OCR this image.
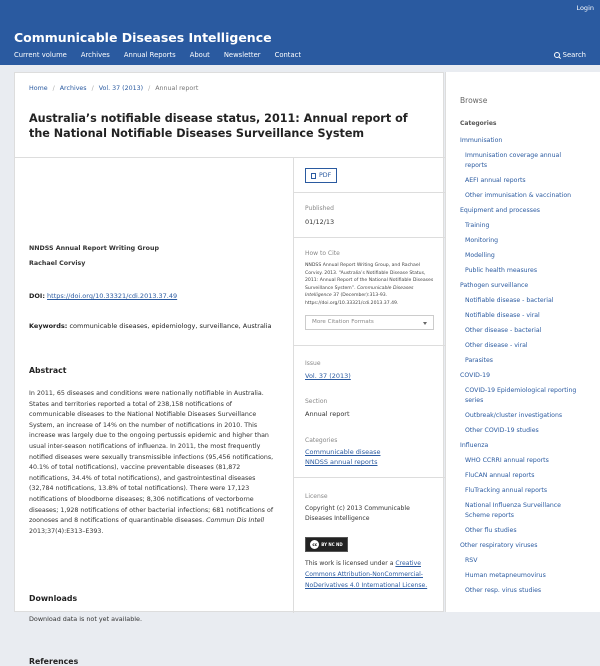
Login
Communicable Diseases Intelligence
Current volume Archives Annual Reports About Newsletter Contact	Search
Home / Archives / Vol. 37 (2013) / Annual report
Australia’s notifiable disease status, 2011: Annual report of the National Notifiable Diseases Surveillance System
NNDSS Annual Report Writing Group
Rachael Corvisy
DOI: https://doi.org/10.33321/cdi.2013.37.49
Keywords: communicable diseases, epidemiology, surveillance, Australia
Abstract
In 2011, 65 diseases and conditions were nationally notifiable in Australia. States and territories reported a total of 238,158 notifications of communicable diseases to the National Notifiable Diseases Surveillance System, an increase of 14% on the number of notifications in 2010. This increase was largely due to the ongoing pertussis epidemic and higher than usual inter-season notifications of influenza. In 2011, the most frequently notified diseases were sexually transmissible infections (95,456 notifications, 40.1% of total notifications), vaccine preventable diseases (81,872 notifications, 34.4% of total notifications), and gastrointestinal diseases (32,784 notifications, 13.8% of total notifications). There were 17,123 notifications of bloodborne diseases; 8,306 notifications of vectorborne diseases; 1,928 notifications of other bacterial infections; 681 notifications of zoonoses and 8 notifications of quarantinable diseases. Commun Dis Intell 2013;37(4):E313–E393.
Downloads
Download data is not yet available.
References
PDF
Published
01/12/13
How to Cite
NNDSS Annual Report Writing Group, and Rachael Corvisy. 2013. “Australia’s Notifiable Disease Status, 2011: Annual Report of the National Notifiable Diseases Surveillance System”. Communicable Diseases Intelligence 37 (December):313-93. https://doi.org/10.33321/cdi.2013.37.49.
More Citation Formats
Issue
Vol. 37 (2013)
Section
Annual report
Categories
Communicable disease
NNDSS annual reports
License
Copyright (c) 2013 Communicable Diseases Intelligence
cc	BY NC ND
This work is licensed under a Creative Commons Attribution-NonCommercial-NoDerivatives 4.0 International License.
Browse
Categories
Immunisation
Immunisation coverage annual reports
AEFI annual reports
Other immunisation & vaccination
Equipment and processes
Training
Monitoring
Modelling
Public health measures
Pathogen surveillance
Notifiable disease - bacterial
Notifiable disease - viral
Other disease - bacterial
Other disease - viral
Parasites
COVID-19
COVID-19 Epidemiological reporting series
Outbreak/cluster investigations
Other COVID-19 studies
Influenza
WHO CCRRI annual reports
FluCAN annual reports
FluTracking annual reports
National Influenza Surveillance Scheme reports
Other flu studies
Other respiratory viruses
RSV
Human metapneumovirus
Other resp. virus studies
